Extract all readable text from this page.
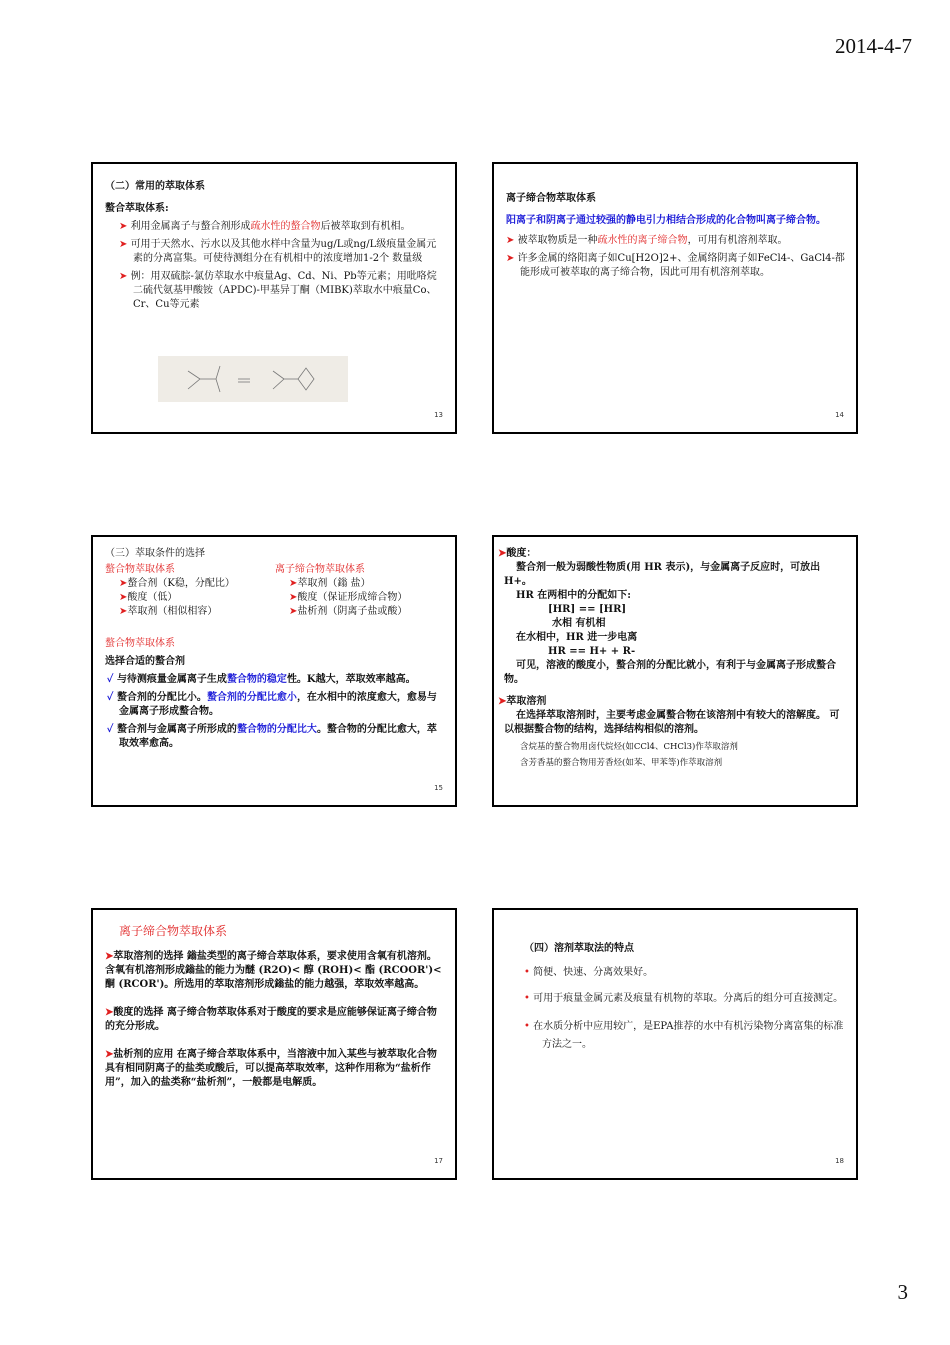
2014-4-7
（二）常用的萃取体系
螯合萃取体系:
➤ 利用金属离子与螯合剂形成疏水性的螯合物后被萃取到有机相。
➤ 可用于天然水、污水以及其他水样中含量为ug/L或ng/L级痕量金属元素的分离富集。可使待测组分在有机相中的浓度增加1-2个 数量级
➤ 例：用双硫腙-氯仿萃取水中痕量Ag、Cd、Ni、Pb等元素；用吡咯烷二硫代氨基甲酸铵（APDC)-甲基异丁酮（MIBK)萃取水中痕量Co、Cr、Cu等元素
13
离子缔合物萃取体系
阳离子和阴离子通过较强的静电引力相结合形成的化合物叫离子缔合物。
➤ 被萃取物质是一种疏水性的离子缔合物，可用有机溶剂萃取。
➤ 许多金属的络阳离子如Cu[H2O]2+、金属络阴离子如FeCl4-、GaCl4-都能形成可被萃取的离子缔合物，因此可用有机溶剂萃取。
14
（三）萃取条件的选择
螯合物萃取体系
➤螯合剂（K稳，分配比）
➤酸度（低）
➤萃取剂（相似相容）
离子缔合物萃取体系
➤萃取剂（鎓 盐）
➤酸度（保证形成缔合物）
➤盐析剂（阴离子盐或酸）
螯合物萃取体系
选择合适的螯合剂
✓ 与待测痕量金属离子生成螯合物的稳定性。K越大，萃取效率越高。
✓ 螯合剂的分配比小。螯合剂的分配比愈小，在水相中的浓度愈大，愈易与金属离子形成螯合物。
✓ 螯合剂与金属离子所形成的螯合物的分配比大。螯合物的分配比愈大，萃取效率愈高。
15
➤酸度：
螯合剂一般为弱酸性物质(用 HR 表示)，与金属离子反应时，可放出 H+。
HR 在两相中的分配如下:
[HR] == [HR]
水相 有机相
在水相中，HR 进一步电离
HR == H+ + R-
可见，溶液的酸度小，螯合剂的分配比就小，有利于与金属离子形成螯合物。
➤萃取溶剂
在选择萃取溶剂时，主要考虑金属螯合物在该溶剂中有较大的溶解度。 可以根据螯合物的结构，选择结构相似的溶剂。
含烷基的螯合物用卤代烷烃(如CCl4、CHCl3)作萃取溶剂
含芳香基的螯合物用芳香烃(如苯、甲苯等)作萃取溶剂
离子缔合物萃取体系
➤萃取溶剂的选择 鎓盐类型的离子缔合萃取体系，要求使用含氧有机溶剂。 含氧有机溶剂形成鎓盐的能力为醚 (R2O)< 醇 (ROH)< 酯 (RCOOR')< 酮 (RCOR')。所选用的萃取溶剂形成鎓盐的能力越强，萃取效率越高。
➤酸度的选择 离子缔合物萃取体系对于酸度的要求是应能够保证离子缔合物的充分形成。
➤盐析剂的应用 在离子缔合萃取体系中，当溶液中加入某些与被萃取化合物具有相同阴离子的盐类或酸后，可以提高萃取效率，这种作用称为“盐析作用”，加入的盐类称“盐析剂”，一般都是电解质。
17
（四）溶剂萃取法的特点
• 简便、快速、分离效果好。
• 可用于痕量金属元素及痕量有机物的萃取。分离后的组分可直接测定。
• 在水质分析中应用较广，是EPA推荐的水中有机污染物分离富集的标准方法之一。
18
3
